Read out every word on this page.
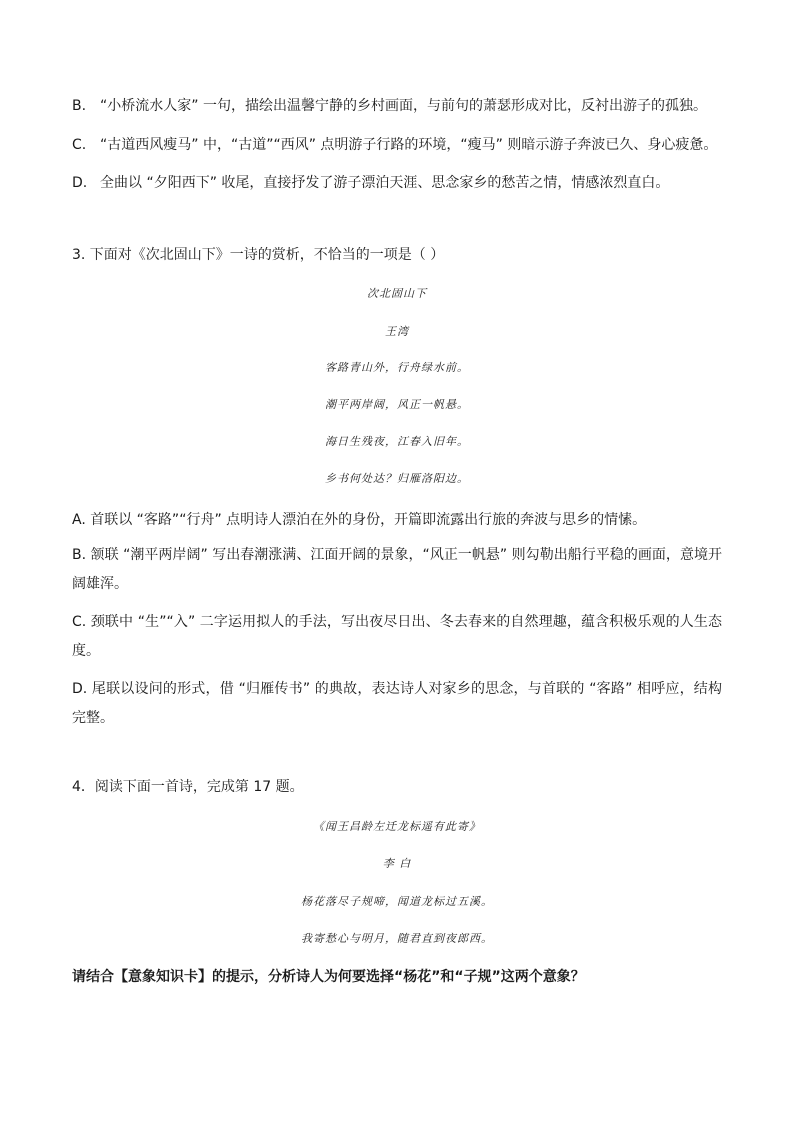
B. “小桥流水人家” 一句，描绘出温馨宁静的乡村画面，与前句的萧瑟形成对比，反衬出游子的孤独。
C. “古道西风瘦马” 中，“古道”“西风” 点明游子行路的环境，“瘦马” 则暗示游子奔波已久、身心疲惫。
D. 全曲以 “夕阳西下” 收尾，直接抒发了游子漂泊天涯、思念家乡的愁苦之情，情感浓烈直白。
3. 下面对《次北固山下》一诗的赏析，不恰当的一项是（ ）
次北固山下
王湾
客路青山外，行舟绿水前。
潮平两岸阔，风正一帆悬。
海日生残夜，江春入旧年。
乡书何处达？归雁洛阳边。
A. 首联以 “客路”“行舟” 点明诗人漂泊在外的身份，开篇即流露出行旅的奔波与思乡的情愫。
B. 颔联 “潮平两岸阔” 写出春潮涨满、江面开阔的景象，“风正一帆悬” 则勾勒出船行平稳的画面，意境开阔雄浑。
C. 颈联中 “生”“入” 二字运用拟人的手法，写出夜尽日出、冬去春来的自然理趣，蕴含积极乐观的人生态度。
D. 尾联以设问的形式，借 “归雁传书” 的典故，表达诗人对家乡的思念，与首联的 “客路” 相呼应，结构完整。
4．阅读下面一首诗，完成第 17 题。
《闻王昌龄左迁龙标遥有此寄》
李 白
杨花落尽子规啼，闻道龙标过五溪。
我寄愁心与明月，随君直到夜郎西。
请结合【意象知识卡】的提示，分析诗人为何要选择“杨花”和“子规”这两个意象？
